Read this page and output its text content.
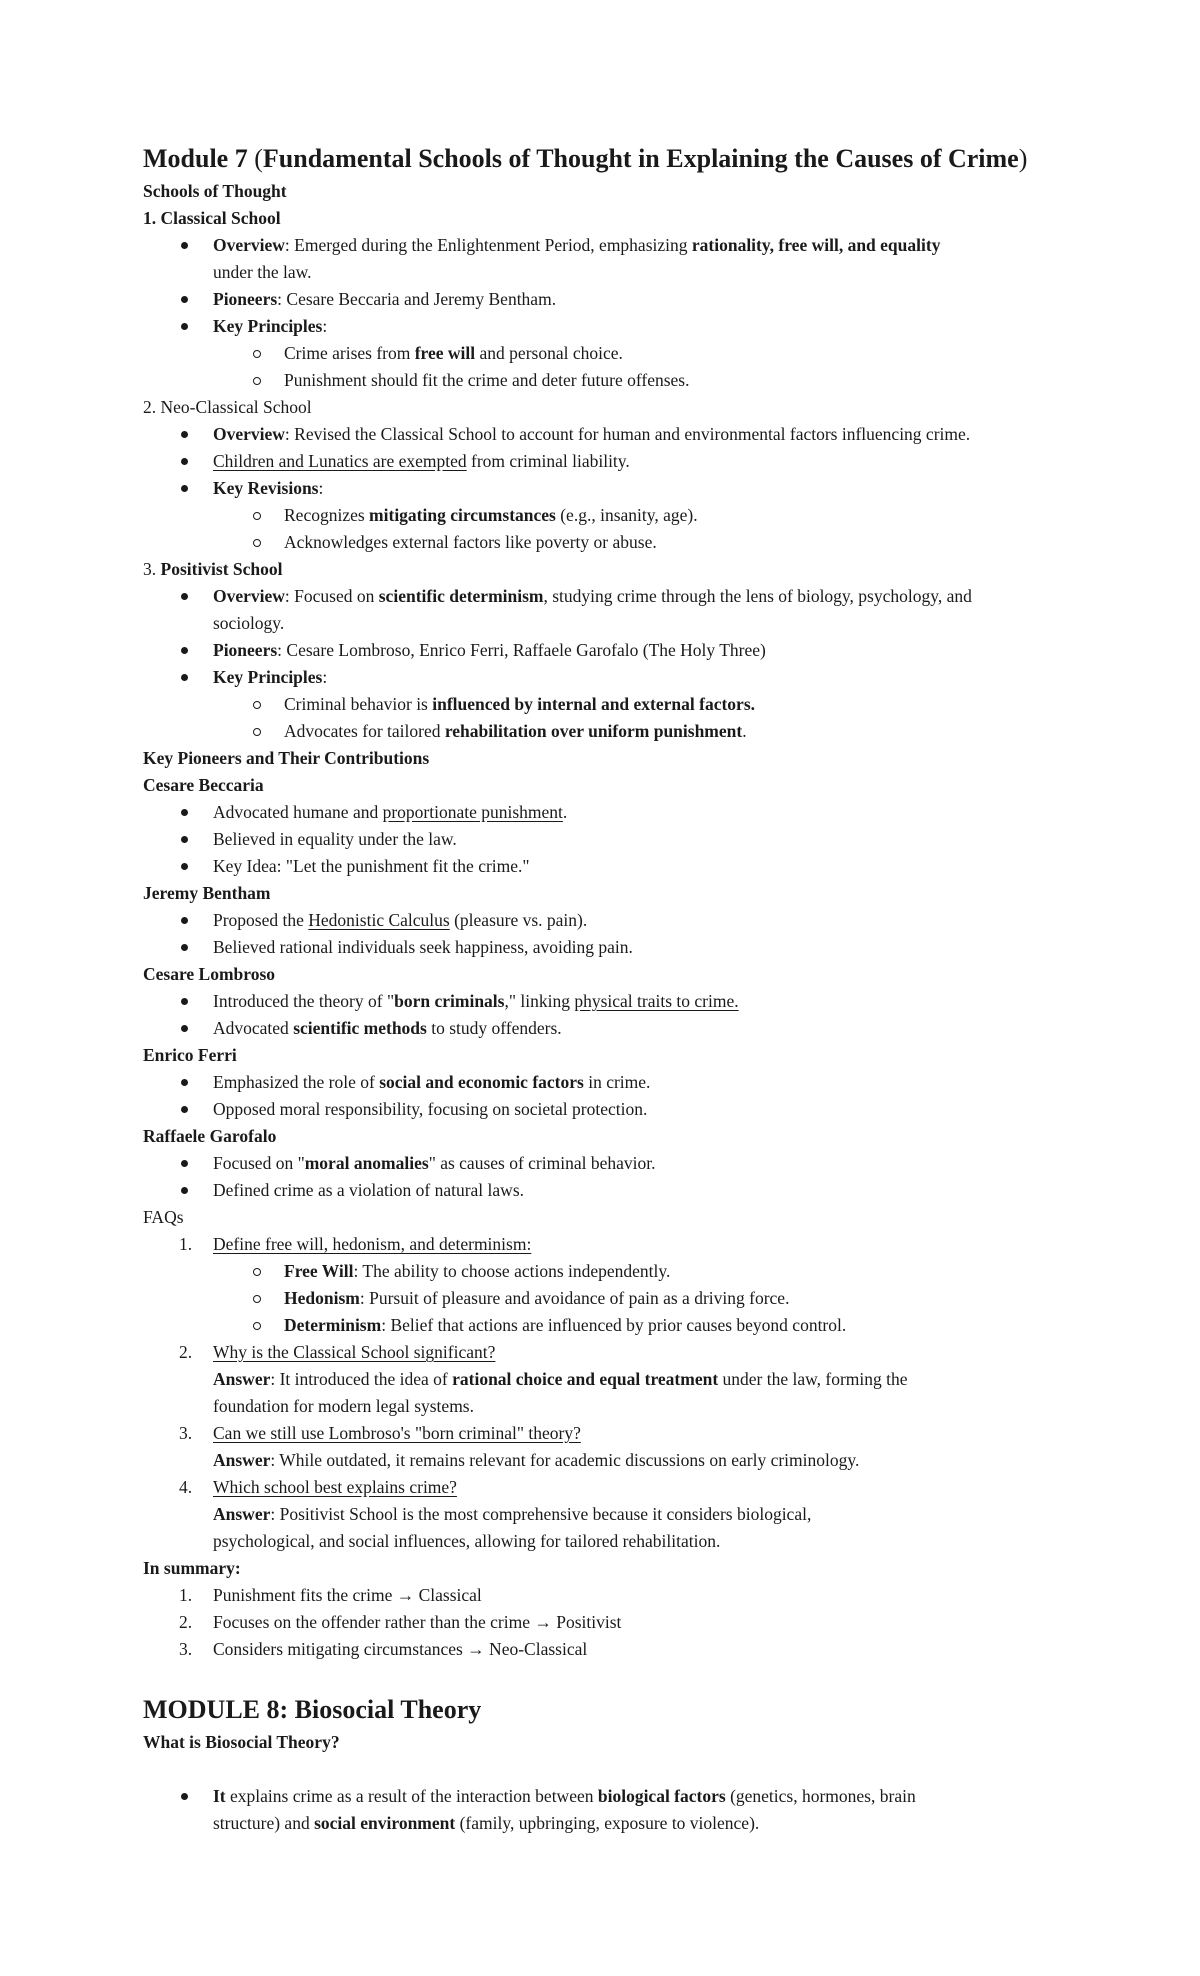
Module 7 (Fundamental Schools of Thought in Explaining the Causes of Crime)
Schools of Thought
1. Classical School
Overview: Emerged during the Enlightenment Period, emphasizing rationality, free will, and equality
under the law.
Pioneers: Cesare Beccaria and Jeremy Bentham.
Key Principles:
Crime arises from free will and personal choice.
Punishment should fit the crime and deter future offenses.
2. Neo-Classical School
Overview: Revised the Classical School to account for human and environmental factors influencing crime.
Children and Lunatics are exempted from criminal liability.
Key Revisions:
Recognizes mitigating circumstances (e.g., insanity, age).
Acknowledges external factors like poverty or abuse.
3. Positivist School
Overview: Focused on scientific determinism, studying crime through the lens of biology, psychology, and
sociology.
Pioneers: Cesare Lombroso, Enrico Ferri, Raffaele Garofalo (The Holy Three)
Key Principles:
Criminal behavior is influenced by internal and external factors.
Advocates for tailored rehabilitation over uniform punishment.
Key Pioneers and Their Contributions
Cesare Beccaria
Advocated humane and proportionate punishment.
Believed in equality under the law.
Key Idea: "Let the punishment fit the crime."
Jeremy Bentham
Proposed the Hedonistic Calculus (pleasure vs. pain).
Believed rational individuals seek happiness, avoiding pain.
Cesare Lombroso
Introduced the theory of "born criminals," linking physical traits to crime.
Advocated scientific methods to study offenders.
Enrico Ferri
Emphasized the role of social and economic factors in crime.
Opposed moral responsibility, focusing on societal protection.
Raffaele Garofalo
Focused on "moral anomalies" as causes of criminal behavior.
Defined crime as a violation of natural laws.
FAQs
1. Define free will, hedonism, and determinism:
Free Will: The ability to choose actions independently.
Hedonism: Pursuit of pleasure and avoidance of pain as a driving force.
Determinism: Belief that actions are influenced by prior causes beyond control.
2. Why is the Classical School significant?
Answer: It introduced the idea of rational choice and equal treatment under the law, forming the
foundation for modern legal systems.
3. Can we still use Lombroso's "born criminal" theory?
Answer: While outdated, it remains relevant for academic discussions on early criminology.
4. Which school best explains crime?
Answer: Positivist School is the most comprehensive because it considers biological,
psychological, and social influences, allowing for tailored rehabilitation.
In summary:
1. Punishment fits the crime → Classical
2. Focuses on the offender rather than the crime → Positivist
3. Considers mitigating circumstances → Neo-Classical
MODULE 8: Biosocial Theory
What is Biosocial Theory?
It explains crime as a result of the interaction between biological factors (genetics, hormones, brain
structure) and social environment (family, upbringing, exposure to violence).
